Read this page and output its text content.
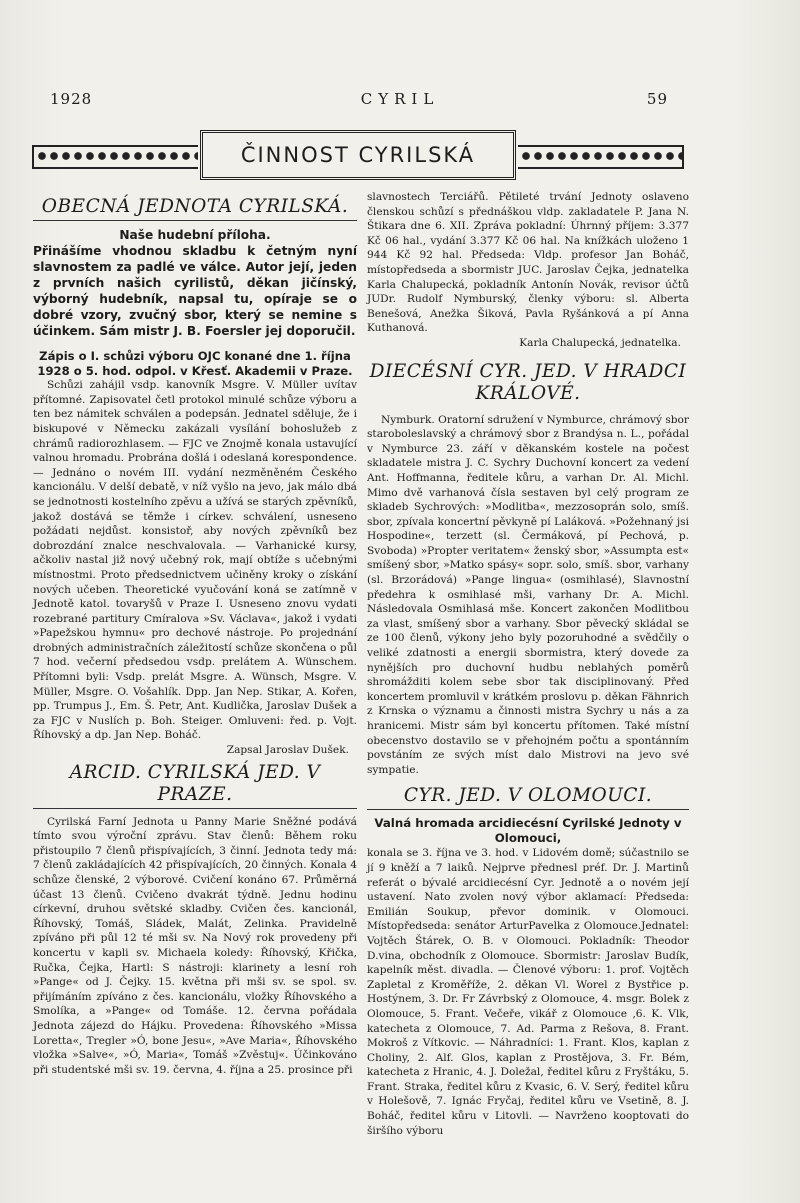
1928	CYRIL	59
ČINNOST CYRILSKÁ
OBECNÁ JEDNOTA CYRILSKÁ.

Naše hudební příloha.

Přinášíme vhodnou skladbu k četným nyní slavnostem za padlé ve válce. Autor její, jeden z prvních našich cyrilistů, děkan jičínský, výborný hudebník, napsal tu, opíraje se o dobré vzory, zvučný sbor, který se nemine s účinkem. Sám mistr J. B. Foersler jej doporučil.

Zápis o I. schůzi výboru OJC konané dne 1. října 1928 o 5. hod. odpol. v Křesť. Akademii v Praze.

Schůzi zahájil vsdp. kanovník Msgre. V. Müller uvítav přítomné. Zapisovatel četl protokol minulé schůze výboru a ten bez námitek schválen a podepsán. Jednatel sděluje, že i biskupové v Německu zakázali vysílání bohoslužeb z chrámů radiorozhlasem. — FJC ve Znojmě konala ustavující valnou hromadu. Probrána došlá i odeslaná korespondence. — Jednáno o novém III. vydání nezměněném Českého kancionálu. V delší debatě, v níž vyšlo na jevo, jak málo dbá se jednotnosti kostelního zpěvu a užívá se starých zpěvníků, jakož dostává se těmže i církev. schválení, usneseno požádati nejdůst. konsistoř, aby nových zpěvníků bez dobrozdání znalce neschvalovala. — Varhanické kursy, ačkoliv nastal již nový učebný rok, mají obtíže s učebnými místnostmi. Proto předsednictvem učiněny kroky o získání nových učeben. Theoretické vyučování koná se zatímně v Jednotě katol. tovaryšů v Praze I. Usneseno znovu vydati rozebrané partitury Cmíralova »Sv. Václava«, jakož i vydati »Papežskou hymnu« pro dechové nástroje. Po projednání drobných administračních záležitostí schůze skončena o půl 7 hod. večerní předsedou vsdp. prelátem A. Wünschem. Přítomni byli: Vsdp. prelát Msgre. A. Wünsch, Msgre. V. Müller, Msgre. O. Vošahlík. Dpp. Jan Nep. Stikar, A. Kořen, pp. Trumpus J., Em. Š. Petr, Ant. Kudlička, Jaroslav Dušek a za FJC v Nuslích p. Boh. Steiger. Omluveni: řed. p. Vojt. Říhovský a dp. Jan Nep. Boháč.

Zapsal Jaroslav Dušek.

ARCID. CYRILSKÁ JED. V PRAZE.

Cyrilská Farní Jednota u Panny Marie Sněžné podává tímto svou výroční zprávu. Stav členů: Během roku přistoupilo 7 členů přispívajících, 3 činní. Jednota tedy má: 7 členů zakládajících 42 přispívajících, 20 činných. Konala 4 schůze členské, 2 výborové. Cvičení konáno 67. Průměrná účast 13 členů. Cvičeno dvakrát týdně. Jednu hodinu církevní, druhou světské skladby. Cvičen čes. kancionál, Říhovský, Tomáš, Sládek, Malát, Zelinka. Pravidelně zpíváno při půl 12 té mši sv. Na Nový rok provedeny při koncertu v kapli sv. Michaela koledy: Říhovský, Křička, Ručka, Čejka, Hartl: S nástroji: klarinety a lesní roh »Pange« od J. Čejky. 15. května při mši sv. se spol. sv. přijímáním zpíváno z čes. kancionálu, vložky Říhovského a Smolíka, a »Pange« od Tomáše. 12. června pořádala Jednota zájezd do Hájku. Provedena: Říhovského »Missa Loretta«, Tregler »Ó, bone Jesu«, »Ave Maria«, Říhovského vložka »Salve«, »Ó, Maria«, Tomáš »Zvěstuj«. Účinkováno při studentské mši sv. 19. června, 4. října a 25. prosince při

slavnostech Terciářů. Pětileté trvání Jednoty oslaveno členskou schůzí s přednáškou vldp. zakladatele P. Jana N. Štikara dne 6. XII. Zpráva pokladní: Úhrnný příjem: 3.377 Kč 06 hal., vydání 3.377 Kč 06 hal. Na knížkách uloženo 1 944 Kč 92 hal. Předseda: Vldp. profesor Jan Boháč, místopředseda a sbormistr JUC. Jaroslav Čejka, jednatelka Karla Chalupecká, pokladník Antonín Novák, revisor účtů JUDr. Rudolf Nymburský, členky výboru: sl. Alberta Benešová, Anežka Šiková, Pavla Ryšánková a pí Anna Kuthanová.

Karla Chalupecká, jednatelka.

DIECÉSNÍ CYR. JED. V HRADCI KRÁLOVÉ.

Nymburk. Oratorní sdružení v Nymburce, chrámový sbor staroboleslavský a chrámový sbor z Brandýsa n. L., pořádal v Nymburce 23. září v děkanském kostele na počest skladatele mistra J. C. Sychry Duchovní koncert za vedení Ant. Hoffmanna, ředitele kůru, a varhan Dr. Al. Michl. Mimo dvě varhanová čísla sestaven byl celý program ze skladeb Sychrových: »Modlitba«, mezzosoprán solo, smíš. sbor, zpívala koncertní pěvkyně pí Laláková. »Požehnaný jsi Hospodine«, terzett (sl. Čermáková, pí Pechová, p. Svoboda) »Propter veritatem« ženský sbor, »Assumpta est« smíšený sbor, »Matko spásy« sopr. solo, smíš. sbor, varhany (sl. Brzorádová) »Pange lingua« (osmihlasé), Slavnostní předehra k osmihlasé mši, varhany Dr. A. Michl. Následovala Osmihlasá mše. Koncert zakončen Modlitbou za vlast, smíšený sbor a varhany. Sbor pěvecký skládal se ze 100 členů, výkony jeho byly pozoruhodné a svědčily o veliké zdatnosti a energii sbormistra, který dovede za nynějších pro duchovní hudbu neblahých poměrů shromážditi kolem sebe sbor tak disciplinovaný. Před koncertem promluvil v krátkém proslovu p. děkan Fähnrich z Krnska o významu a činnosti mistra Sychry u nás a za hranicemi. Mistr sám byl koncertu přítomen. Také místní obecenstvo dostavilo se v přehojném počtu a spontánním povstáním ze svých míst dalo Mistrovi na jevo své sympatie.

CYR. JED. V OLOMOUCI.

Valná hromada arcidiecésní Cyrilské Jednoty v Olomouci,

konala se 3. října ve 3. hod. v Lidovém domě; súčastnilo se jí 9 kněží a 7 laiků. Nejprve přednesl préf. Dr. J. Martinů referát o bývalé arcidiecésní Cyr. Jednotě a o novém její ustavení. Nato zvolen nový výbor aklamací: Předseda: Emilián Soukup, převor dominik. v Olomouci. Místopředseda: senátor ArturPavelka z Olomouce.Jednatel: Vojtěch Štárek, O. B. v Olomouci. Pokladník: Theodor D.vina, obchodník z Olomouce. Sbormistr: Jaroslav Budík, kapelník měst. divadla. — Členové výboru: 1. prof. Vojtěch Zapletal z Kroměříže, 2. děkan Vl. Worel z Bystřice p. Hostýnem, 3. Dr. Fr Závrbský z Olomouce, 4. msgr. Bolek z Olomouce, 5. Frant. Večeře, vikář z Olomouce ,6. K. Vlk, katecheta z Olomouce, 7. Ad. Parma z Rešova, 8. Frant. Mokroš z Vítkovic. — Náhradníci: 1. Frant. Klos, kaplan z Choliny, 2. Alf. Glos, kaplan z Prostějova, 3. Fr. Bém, katecheta z Hranic, 4. J. Doležal, ředitel kůru z Fryštáku, 5. Frant. Straka, ředitel kůru z Kvasic, 6. V. Serý, ředitel kůru v Holešově, 7. Ignác Fryčaj, ředitel kůru ve Vsetině, 8. J. Boháč, ředitel kůru v Litovli. — Navrženo kooptovati do širšího výboru
